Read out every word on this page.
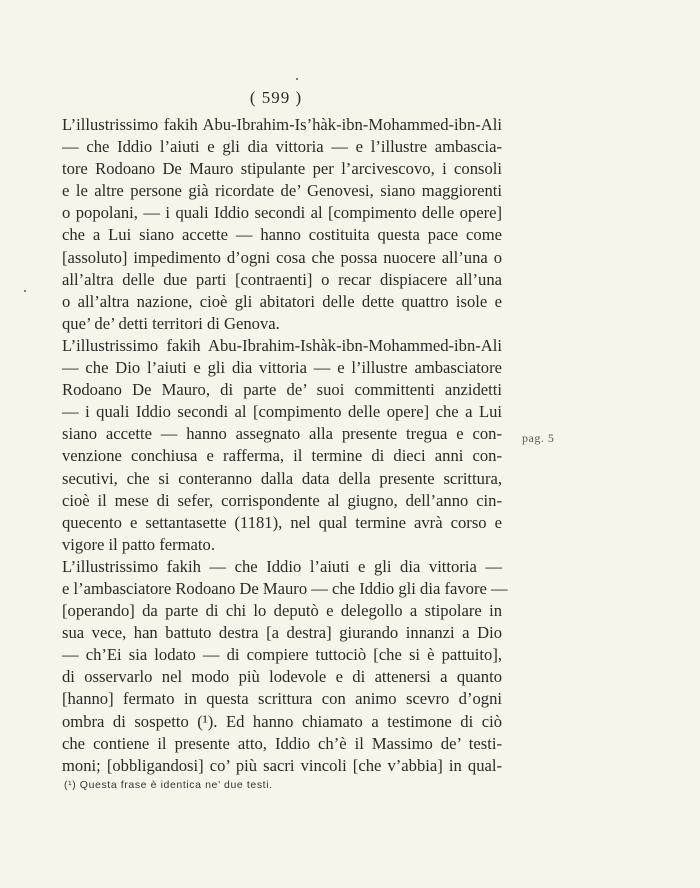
( 599 )
L’illustrissimo fakih Abu-Ibrahim-Is’hàk-ibn-Mohammed-ibn-Ali
— che Iddio l’aiuti e gli dia vittoria — e l’illustre ambascia-
tore Rodoano De Mauro stipulante per l’arcivescovo, i consoli
e le altre persone già ricordate de’ Genovesi, siano maggiorenti
o popolani, — i quali Iddio secondi al [compimento delle opere]
che a Lui siano accette — hanno costituita questa pace come
[assoluto] impedimento d’ogni cosa che possa nuocere all’una o
all’altra delle due parti [contraenti] o recar dispiacere all’una
o all’altra nazione, cioè gli abitatori delle dette quattro isole e
que’ de’ detti territori di Genova.
L’illustrissimo fakih Abu-Ibrahim-Ishàk-ibn-Mohammed-ibn-Ali
— che Dio l’aiuti e gli dia vittoria — e l’illustre ambasciatore
Rodoano De Mauro, di parte de’ suoi committenti anzidetti
— i quali Iddio secondi al [compimento delle opere] che a Lui
siano accette — hanno assegnato alla presente tregua e con-
venzione conchiusa e rafferma, il termine di dieci anni con-
secutivi, che si conteranno dalla data della presente scrittura,
cioè il mese di sefer, corrispondente al giugno, dell’anno cin-
quecento e settantasette (1181), nel qual termine avrà corso e
vigore il patto fermato.
L’illustrissimo fakih — che Iddio l’aiuti e gli dia vittoria —
e l’ambasciatore Rodoano De Mauro — che Iddio gli dia favore —
[operando] da parte di chi lo deputò e delegollo a stipolare in
sua vece, han battuto destra [a destra] giurando innanzi a Dio
— ch’Ei sia lodato — di compiere tuttociò [che si è pattuito],
di osservarlo nel modo più lodevole e di attenersi a quanto
[hanno] fermato in questa scrittura con animo scevro d’ogni
ombra di sospetto (¹). Ed hanno chiamato a testimone di ciò
che contiene il presente atto, Iddio ch’è il Massimo de’ testi-
moni; [obbligandosi] co’ più sacri vincoli [che v’abbia] in qual-
pag. 5
(¹) Questa frase è identica ne’ due testi.
